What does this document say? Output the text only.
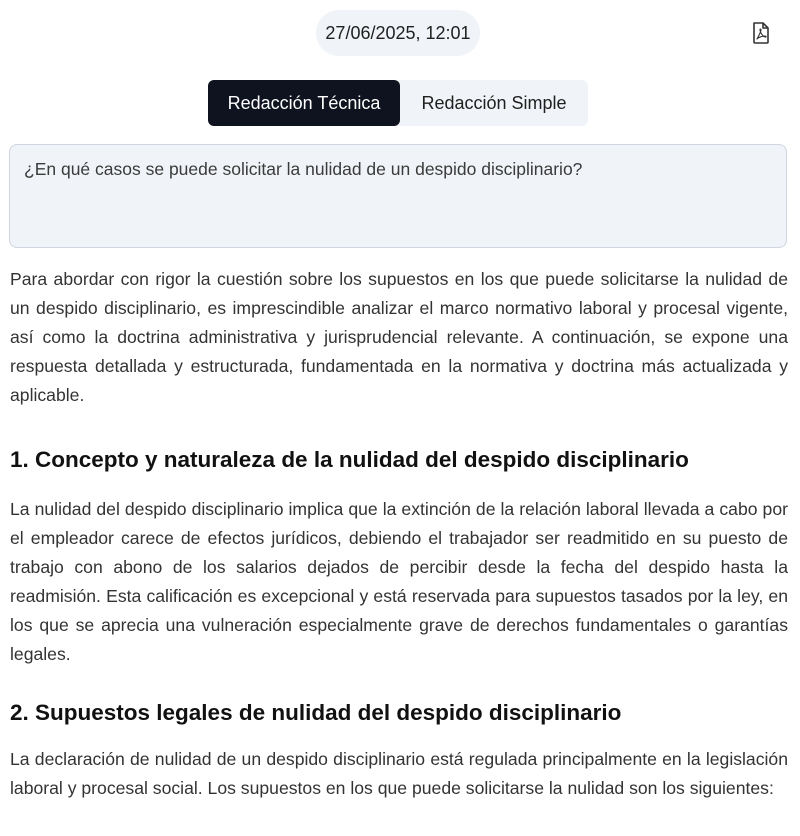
27/06/2025, 12:01
Redacción Técnica Redacción Simple
¿En qué casos se puede solicitar la nulidad de un despido disciplinario?

Para abordar con rigor la cuestión sobre los supuestos en los que puede solicitarse la nulidad de un despido disciplinario, es imprescindible analizar el marco normativo laboral y procesal vigente, así como la doctrina administrativa y jurisprudencial relevante. A continuación, se expone una respuesta detallada y estructurada, fundamentada en la normativa y doctrina más actualizada y aplicable.

1. Concepto y naturaleza de la nulidad del despido disciplinario

La nulidad del despido disciplinario implica que la extinción de la relación laboral llevada a cabo por el empleador carece de efectos jurídicos, debiendo el trabajador ser readmitido en su puesto de trabajo con abono de los salarios dejados de percibir desde la fecha del despido hasta la readmisión. Esta calificación es excepcional y está reservada para supuestos tasados por la ley, en los que se aprecia una vulneración especialmente grave de derechos fundamentales o garantías legales.

2. Supuestos legales de nulidad del despido disciplinario

La declaración de nulidad de un despido disciplinario está regulada principalmente en la legislación laboral y procesal social. Los supuestos en los que puede solicitarse la nulidad son los siguientes:
